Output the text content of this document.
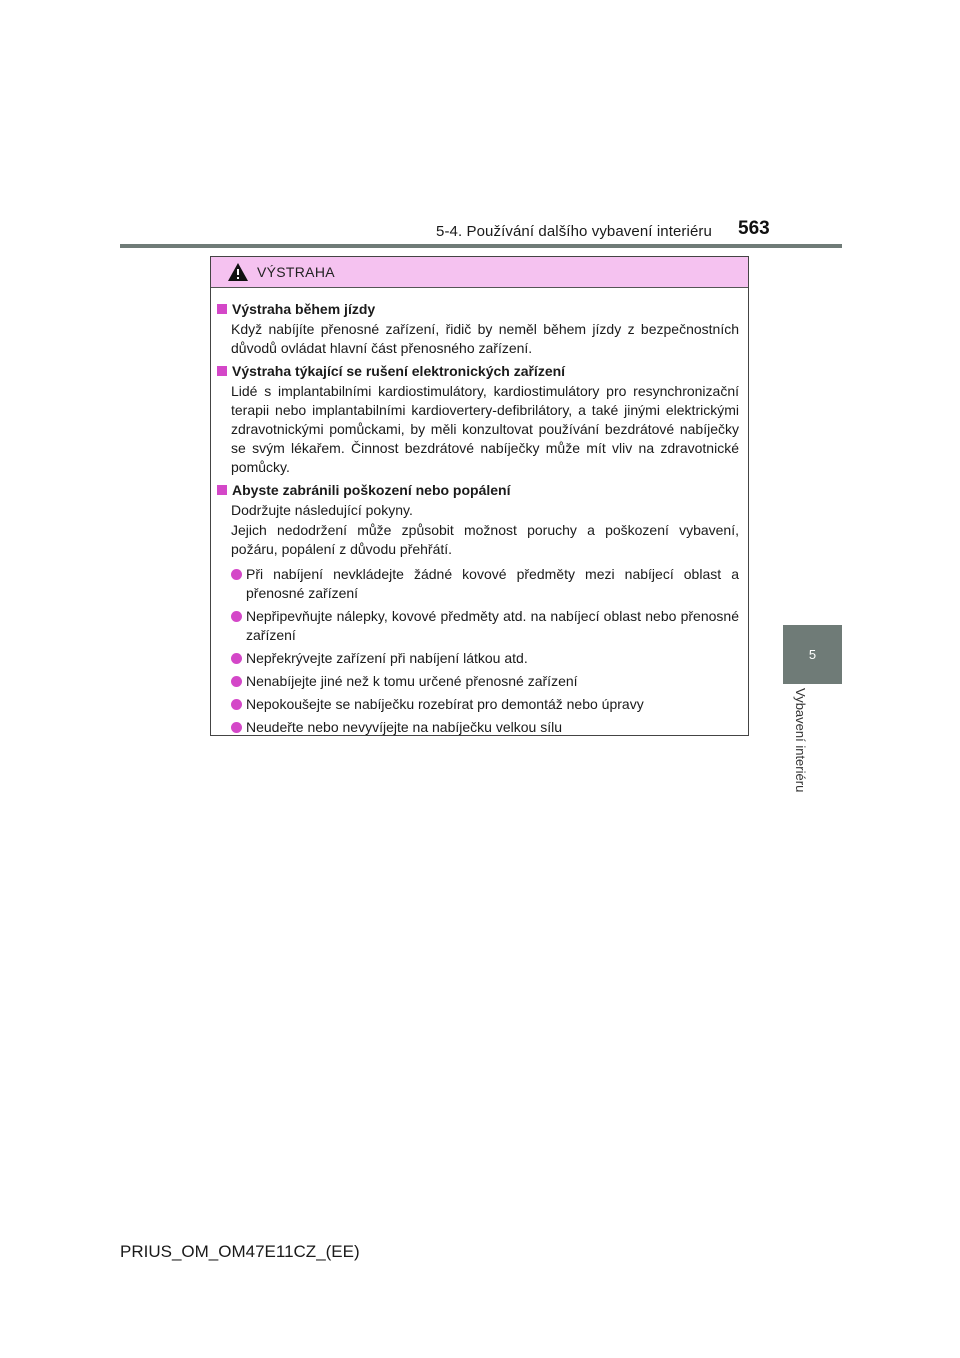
5-4. Používání dalšího vybavení interiéru 563
5
Vybavení interiéru
VÝSTRAHA
Výstraha během jízdy
Když nabíjíte přenosné zařízení, řidič by neměl během jízdy z bezpečnostních důvodů ovládat hlavní část přenosného zařízení.
Výstraha týkající se rušení elektronických zařízení
Lidé s implantabilními kardiostimulátory, kardiostimulátory pro resynchronizační terapii nebo implantabilními kardiovertery-defibrilátory, a také jinými elektrickými zdravotnickými pomůckami, by měli konzultovat používání bezdrátové nabíječky se svým lékařem. Činnost bezdrátové nabíječky může mít vliv na zdravotnické pomůcky.
Abyste zabránili poškození nebo popálení
Dodržujte následující pokyny.
Jejich nedodržení může způsobit možnost poruchy a poškození vybavení, požáru, popálení z důvodu přehřátí.
Při nabíjení nevkládejte žádné kovové předměty mezi nabíjecí oblast a přenosné zařízení
Nepřipevňujte nálepky, kovové předměty atd. na nabíjecí oblast nebo přenosné zařízení
Nepřekrývejte zařízení při nabíjení látkou atd.
Nenabíjejte jiné než k tomu určené přenosné zařízení
Nepokoušejte se nabíječku rozebírat pro demontáž nebo úpravy
Neudeřte nebo nevyvíjejte na nabíječku velkou sílu
PRIUS_OM_OM47E11CZ_(EE)
